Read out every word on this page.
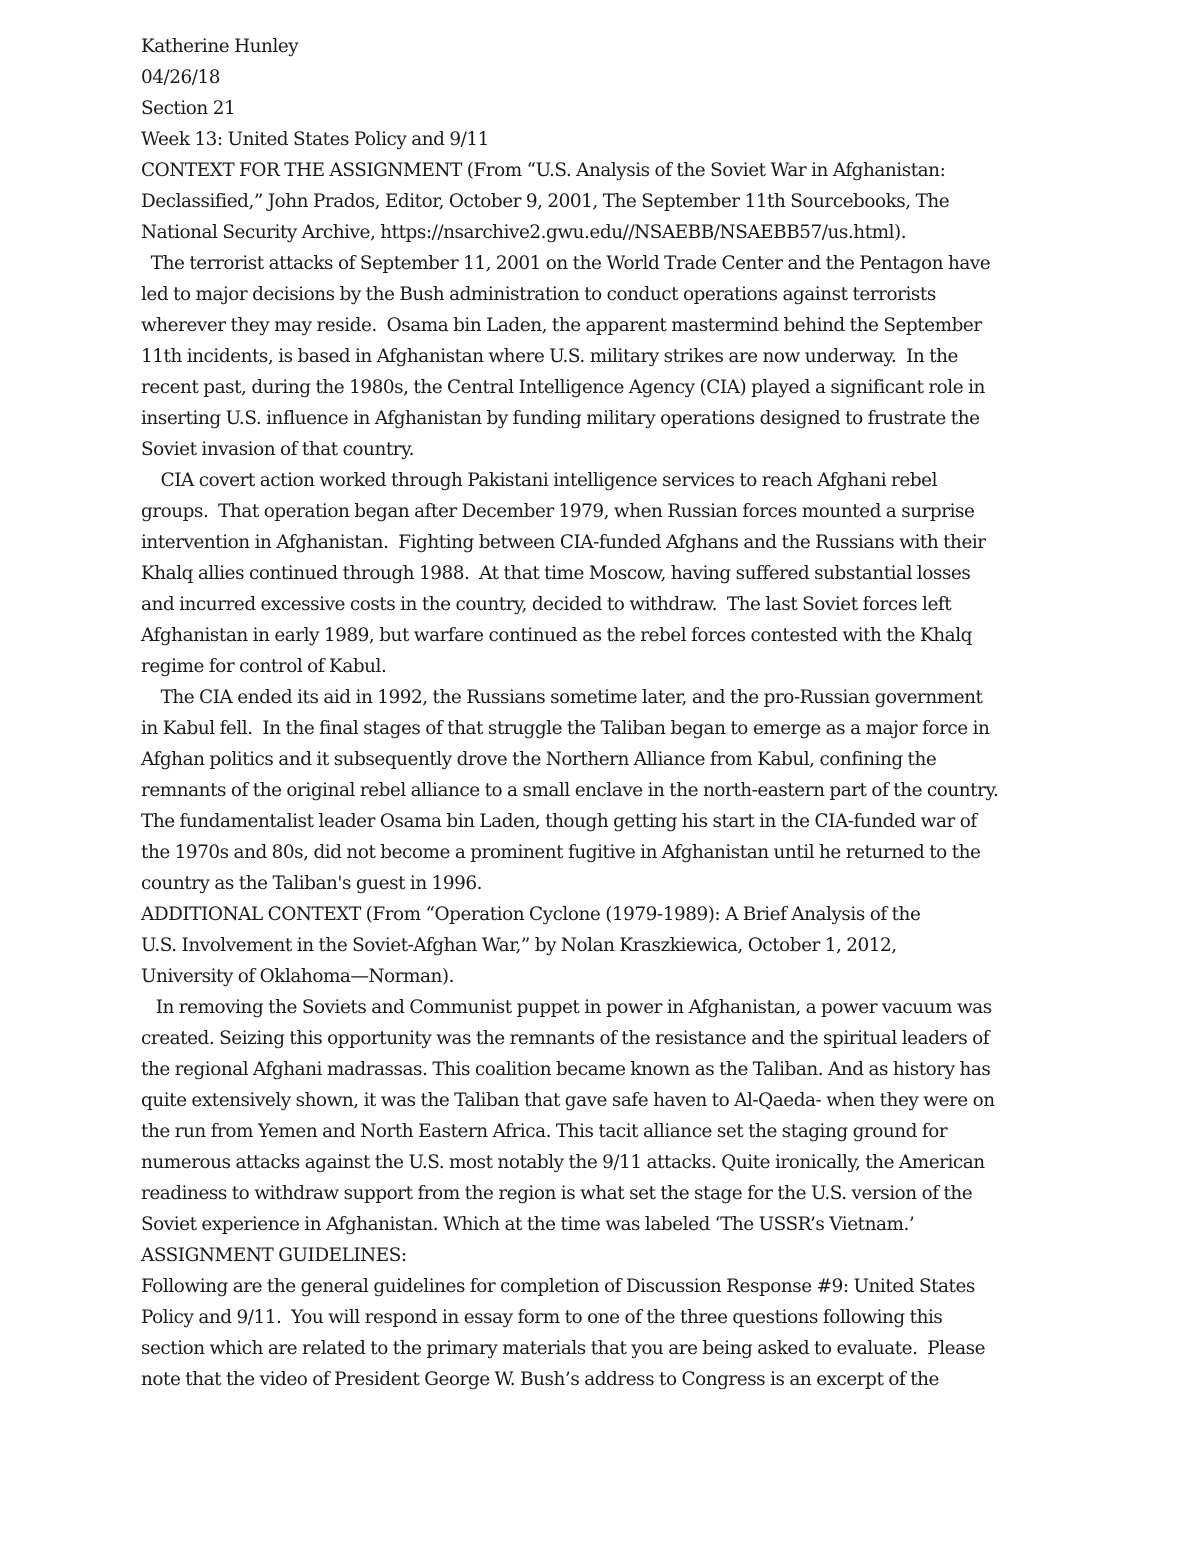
Katherine Hunley
04/26/18
Section 21
Week 13: United States Policy and 9/11
CONTEXT FOR THE ASSIGNMENT (From “U.S. Analysis of the Soviet War in Afghanistan:
Declassified,” John Prados, Editor, October 9, 2001, The September 11th Sourcebooks, The
National Security Archive, https://nsarchive2.gwu.edu//NSAEBB/NSAEBB57/us.html).
The terrorist attacks of September 11, 2001 on the World Trade Center and the Pentagon have
led to major decisions by the Bush administration to conduct operations against terrorists
wherever they may reside.  Osama bin Laden, the apparent mastermind behind the September
11th incidents, is based in Afghanistan where U.S. military strikes are now underway.  In the
recent past, during the 1980s, the Central Intelligence Agency (CIA) played a significant role in
inserting U.S. influence in Afghanistan by funding military operations designed to frustrate the
Soviet invasion of that country.
CIA covert action worked through Pakistani intelligence services to reach Afghani rebel
groups.  That operation began after December 1979, when Russian forces mounted a surprise
intervention in Afghanistan.  Fighting between CIA-funded Afghans and the Russians with their
Khalq allies continued through 1988.  At that time Moscow, having suffered substantial losses
and incurred excessive costs in the country, decided to withdraw.  The last Soviet forces left
Afghanistan in early 1989, but warfare continued as the rebel forces contested with the Khalq
regime for control of Kabul.
The CIA ended its aid in 1992, the Russians sometime later, and the pro-Russian government
in Kabul fell.  In the final stages of that struggle the Taliban began to emerge as a major force in
Afghan politics and it subsequently drove the Northern Alliance from Kabul, confining the
remnants of the original rebel alliance to a small enclave in the north-eastern part of the country.
The fundamentalist leader Osama bin Laden, though getting his start in the CIA-funded war of
the 1970s and 80s, did not become a prominent fugitive in Afghanistan until he returned to the
country as the Taliban's guest in 1996.
ADDITIONAL CONTEXT (From “Operation Cyclone (1979-1989): A Brief Analysis of the
U.S. Involvement in the Soviet-Afghan War,” by Nolan Kraszkiewica, October 1, 2012,
University of Oklahoma—Norman).
In removing the Soviets and Communist puppet in power in Afghanistan, a power vacuum was
created. Seizing this opportunity was the remnants of the resistance and the spiritual leaders of
the regional Afghani madrassas. This coalition became known as the Taliban. And as history has
quite extensively shown, it was the Taliban that gave safe haven to Al-Qaeda- when they were on
the run from Yemen and North Eastern Africa. This tacit alliance set the staging ground for
numerous attacks against the U.S. most notably the 9/11 attacks. Quite ironically, the American
readiness to withdraw support from the region is what set the stage for the U.S. version of the
Soviet experience in Afghanistan. Which at the time was labeled ‘The USSR’s Vietnam.’
ASSIGNMENT GUIDELINES:
Following are the general guidelines for completion of Discussion Response #9: United States
Policy and 9/11.  You will respond in essay form to one of the three questions following this
section which are related to the primary materials that you are being asked to evaluate.  Please
note that the video of President George W. Bush’s address to Congress is an excerpt of the
